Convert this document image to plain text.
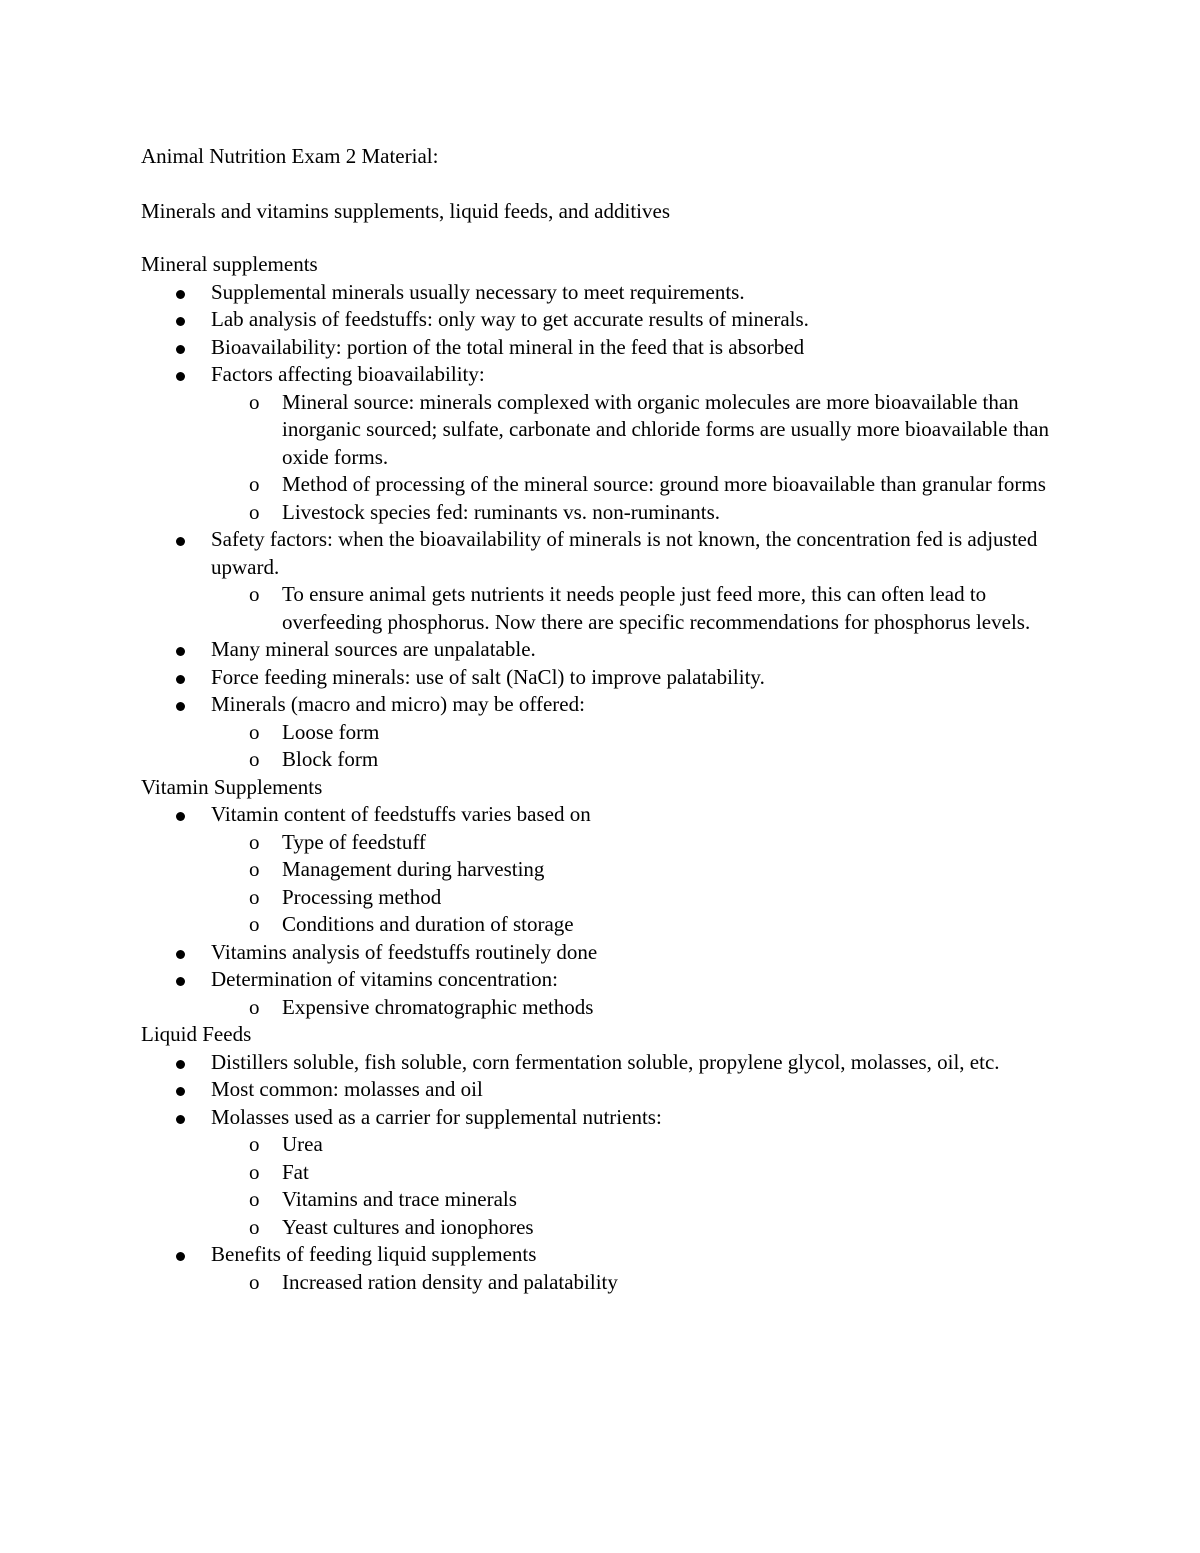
Animal Nutrition Exam 2 Material:
Minerals and vitamins supplements, liquid feeds, and additives
Mineral supplements
Supplemental minerals usually necessary to meet requirements.
Lab analysis of feedstuffs: only way to get accurate results of minerals.
Bioavailability: portion of the total mineral in the feed that is absorbed
Factors affecting bioavailability:
o Mineral source: minerals complexed with organic molecules are more bioavailable than inorganic sourced; sulfate, carbonate and chloride forms are usually more bioavailable than oxide forms.
o Method of processing of the mineral source: ground more bioavailable than granular forms
o Livestock species fed: ruminants vs. non-ruminants.
Safety factors: when the bioavailability of minerals is not known, the concentration fed is adjusted upward.
o To ensure animal gets nutrients it needs people just feed more, this can often lead to overfeeding phosphorus. Now there are specific recommendations for phosphorus levels.
Many mineral sources are unpalatable.
Force feeding minerals: use of salt (NaCl) to improve palatability.
Minerals (macro and micro) may be offered:
o Loose form
o Block form
Vitamin Supplements
Vitamin content of feedstuffs varies based on
o Type of feedstuff
o Management during harvesting
o Processing method
o Conditions and duration of storage
Vitamins analysis of feedstuffs routinely done
Determination of vitamins concentration:
o Expensive chromatographic methods
Liquid Feeds
Distillers soluble, fish soluble, corn fermentation soluble, propylene glycol, molasses, oil, etc.
Most common: molasses and oil
Molasses used as a carrier for supplemental nutrients:
o Urea
o Fat
o Vitamins and trace minerals
o Yeast cultures and ionophores
Benefits of feeding liquid supplements
o Increased ration density and palatability
